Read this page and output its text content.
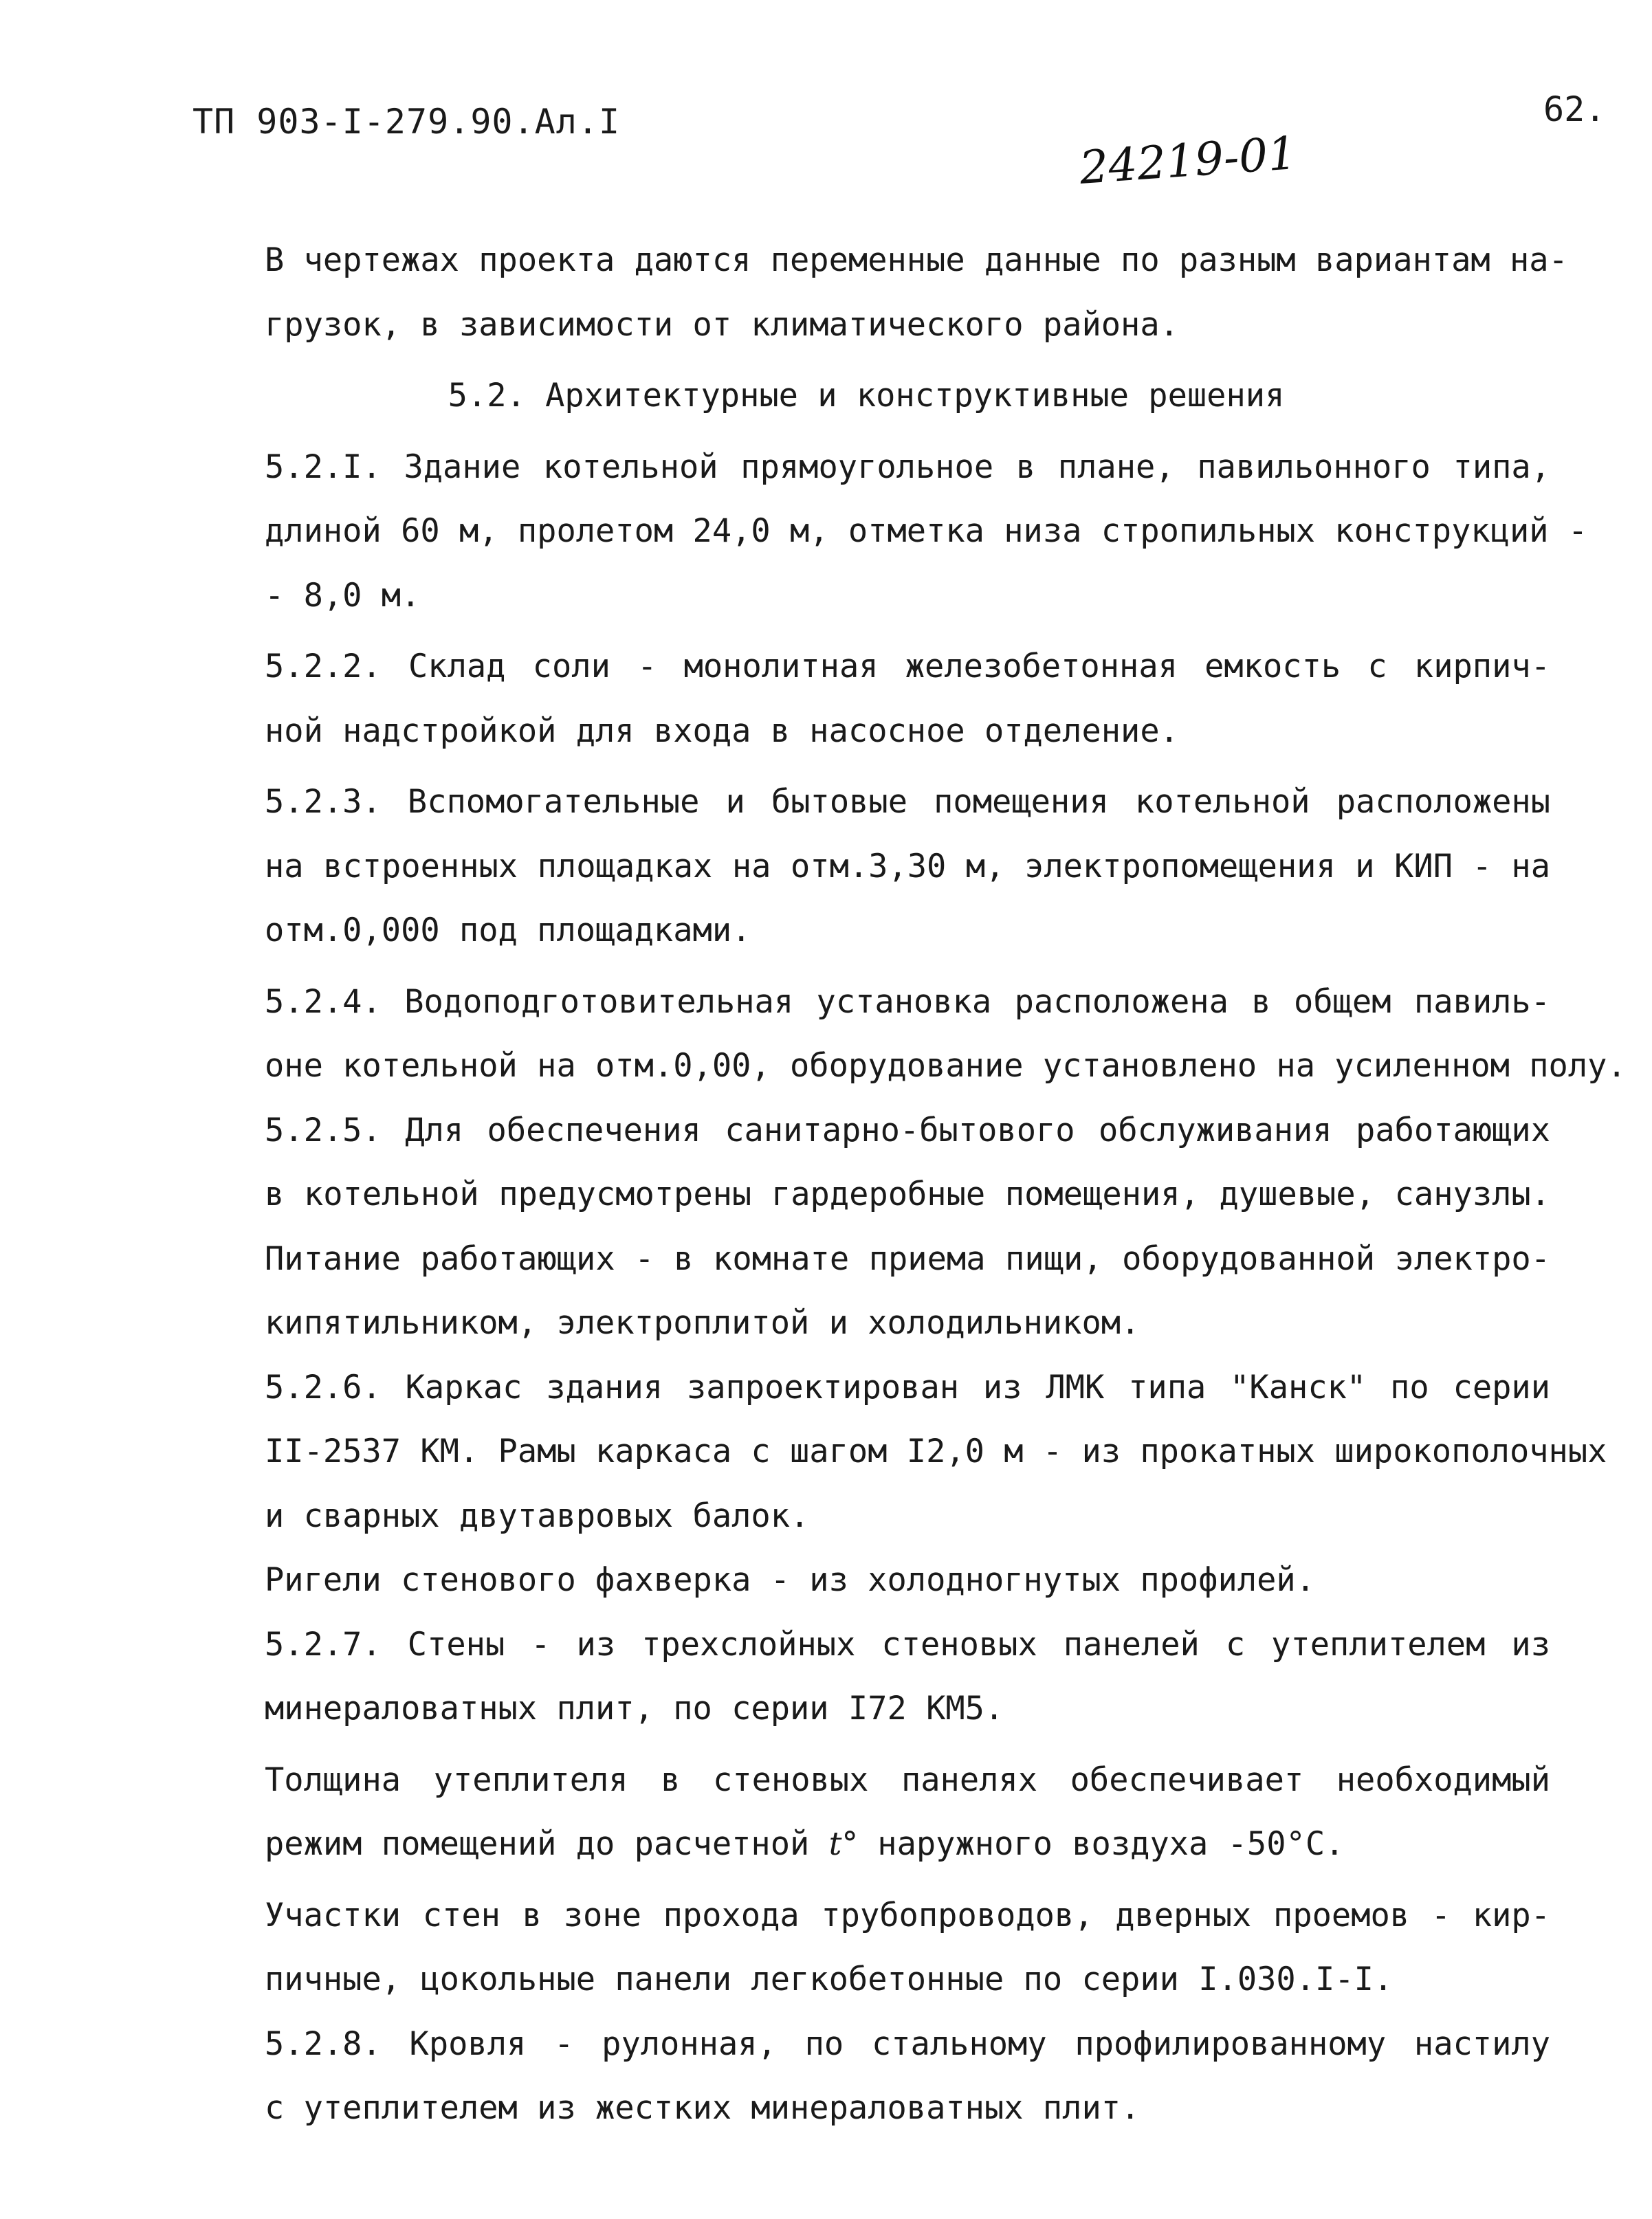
ТП 903-I-279.90.Ал.I	62.
24219-01

В чертежах проекта даются переменные данные по разным вариантам на-
грузок, в зависимости от климатического района.

5.2. Архитектурные и конструктивные решения

5.2.I. Здание котельной прямоугольное в плане, павильонного типа,
длиной 60 м, пролетом 24,0 м, отметка низа стропильных конструкций -
- 8,0 м.

5.2.2. Склад соли - монолитная железобетонная емкость с кирпич-
ной надстройкой для входа в насосное отделение.

5.2.3. Вспомогательные и бытовые помещения котельной расположены
на встроенных площадках на отм.3,30 м, электропомещения и КИП - на
отм.0,000 под площадками.

5.2.4. Водоподготовительная установка расположена в общем павиль-
оне котельной на отм.0,00, оборудование установлено на усиленном полу.

5.2.5. Для обеспечения санитарно-бытового обслуживания работающих
в котельной предусмотрены гардеробные помещения, душевые, санузлы.

Питание работающих - в комнате приема пищи, оборудованной электро-
кипятильником, электроплитой и холодильником.

5.2.6. Каркас здания запроектирован из ЛМК типа "Канск" по серии
II-2537 КМ. Рамы каркаса с шагом I2,0 м - из прокатных широкополочных
и сварных двутавровых балок.

Ригели стенового фахверка - из холодногнутых профилей.

5.2.7. Стены - из трехслойных стеновых панелей с утеплителем из
минераловатных плит, по серии I72 КМ5.

Толщина утеплителя в стеновых панелях обеспечивает необходимый
режим помещений до расчетной t° наружного воздуха -50°С.

Участки стен в зоне прохода трубопроводов, дверных проемов - кир-
пичные, цокольные панели легкобетонные по серии I.030.I-I.

5.2.8. Кровля - рулонная, по стальному профилированному настилу
с утеплителем из жестких минераловатных плит.
